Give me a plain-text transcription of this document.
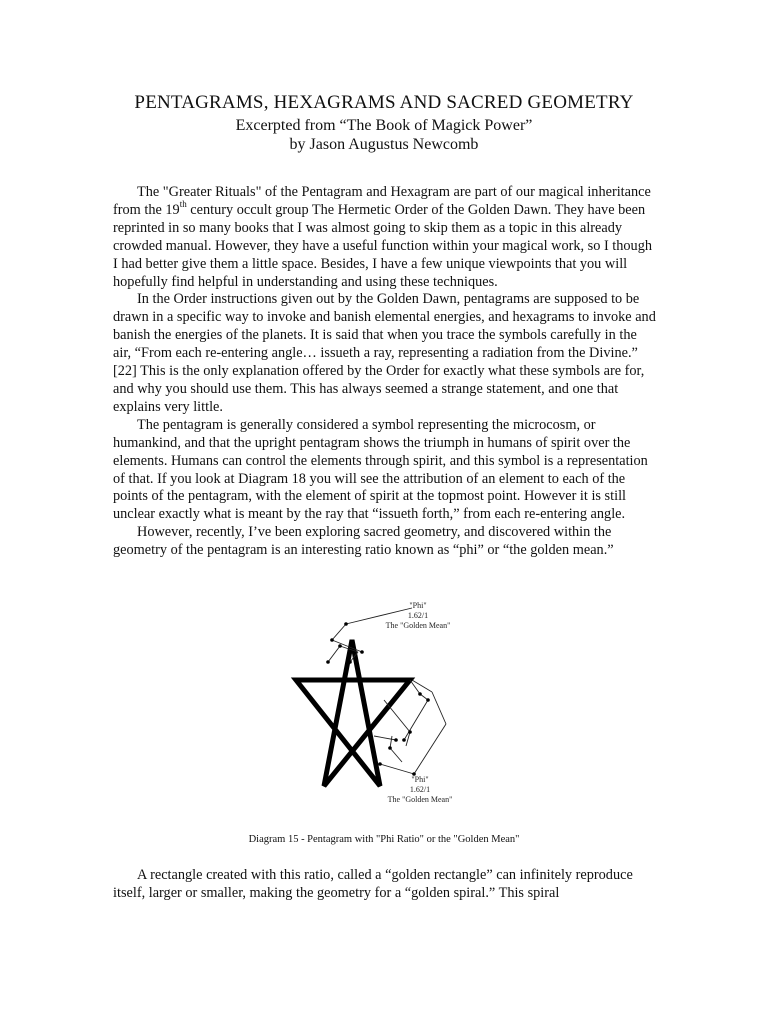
PENTAGRAMS, HEXAGRAMS AND SACRED GEOMETRY
Excerpted from “The Book of Magick Power”
by Jason Augustus Newcomb

The "Greater Rituals" of the Pentagram and Hexagram are part of our magical inheritance from the 19th century occult group The Hermetic Order of the Golden Dawn. They have been reprinted in so many books that I was almost going to skip them as a topic in this already crowded manual. However, they have a useful function within your magical work, so I though I had better give them a little space. Besides, I have a few unique viewpoints that you will hopefully find helpful in understanding and using these techniques.

In the Order instructions given out by the Golden Dawn, pentagrams are supposed to be drawn in a specific way to invoke and banish elemental energies, and hexagrams to invoke and banish the energies of the planets. It is said that when you trace the symbols carefully in the air, “From each re-entering angle… issueth a ray, representing a radiation from the Divine.” [22] This is the only explanation offered by the Order for exactly what these symbols are for, and why you should use them. This has always seemed a strange statement, and one that explains very little.

The pentagram is generally considered a symbol representing the microcosm, or humankind, and that the upright pentagram shows the triumph in humans of spirit over the elements. Humans can control the elements through spirit, and this symbol is a representation of that. If you look at Diagram 18 you will see the attribution of an element to each of the points of the pentagram, with the element of spirit at the topmost point. However it is still unclear exactly what is meant by the ray that “issueth forth,” from each re-entering angle.

However, recently, I’ve been exploring sacred geometry, and discovered within the geometry of the pentagram is an interesting ratio known as “phi” or “the golden mean.”

"Phi"
1.62/1
The "Golden Mean"
"Phi"
1.62/1
The "Golden Mean"
Diagram 15 - Pentagram with "Phi Ratio" or the "Golden Mean"

A rectangle created with this ratio, called a “golden rectangle” can infinitely reproduce itself, larger or smaller, making the geometry for a “golden spiral.” This spiral
